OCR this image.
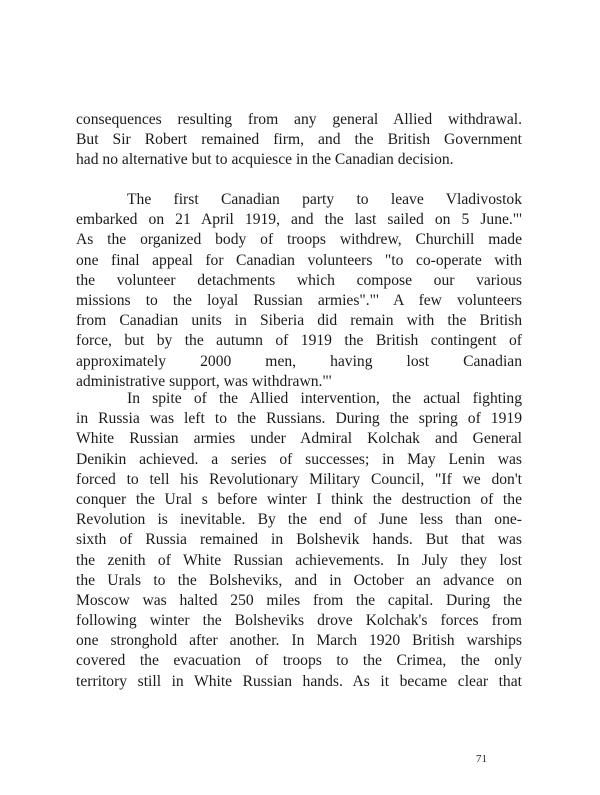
consequences resulting from any general Allied withdrawal.
But Sir Robert remained firm, and the British Government
had no alternative but to acquiesce in the Canadian decision.
The first Canadian party to leave Vladivostok
embarked on 21 April 1919, and the last sailed on 5 June."'
As the organized body of troops withdrew, Churchill made
one final appeal for Canadian volunteers "to co-operate with
the volunteer detachments which compose our various
missions to the loyal Russian armies"."' A few volunteers
from Canadian units in Siberia did remain with the British
force, but by the autumn of 1919 the British contingent of
approximately 2000 men, having lost Canadian
administrative support, was withdrawn."'
In spite of the Allied intervention, the actual fighting
in Russia was left to the Russians. During the spring of 1919
White Russian armies under Admiral Kolchak and General
Denikin achieved. a series of successes; in May Lenin was
forced to tell his Revolutionary Military Council, "If we don't
conquer the Ural s before winter I think the destruction of the
Revolution is inevitable. By the end of June less than one-
sixth of Russia remained in Bolshevik hands. But that was
the zenith of White Russian achievements. In July they lost
the Urals to the Bolsheviks, and in October an advance on
Moscow was halted 250 miles from the capital. During the
following winter the Bolsheviks drove Kolchak's forces from
one stronghold after another. In March 1920 British warships
covered the evacuation of troops to the Crimea, the only
territory still in White Russian hands. As it became clear that
71
